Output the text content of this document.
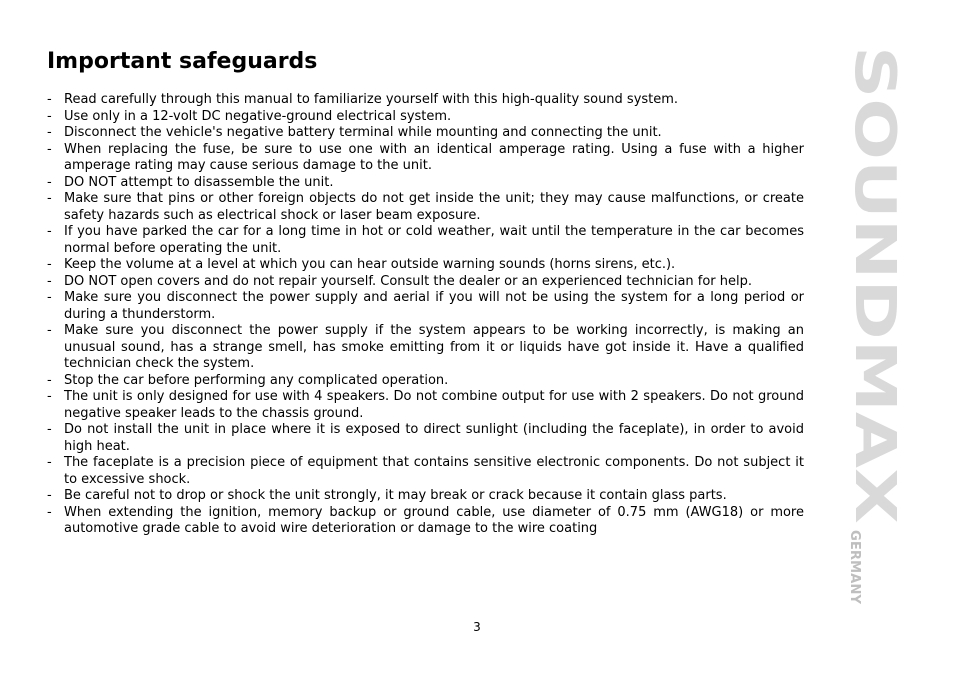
Important safeguards
- Read carefully through this manual to familiarize yourself with this high-quality sound system.
- Use only in a 12-volt DC negative-ground electrical system.
- Disconnect the vehicle's negative battery terminal while mounting and connecting the unit.
- When replacing the fuse, be sure to use one with an identical amperage rating. Using a fuse with a higher amperage rating may cause serious damage to the unit.
- DO NOT attempt to disassemble the unit.
- Make sure that pins or other foreign objects do not get inside the unit; they may cause malfunctions, or create safety hazards such as electrical shock or laser beam exposure.
- If you have parked the car for a long time in hot or cold weather, wait until the temperature in the car becomes normal before operating the unit.
- Keep the volume at a level at which you can hear outside warning sounds (horns sirens, etc.).
- DO NOT open covers and do not repair yourself. Consult the dealer or an experienced technician for help.
- Make sure you disconnect the power supply and aerial if you will not be using the system for a long period or during a thunderstorm.
- Make sure you disconnect the power supply if the system appears to be working incorrectly, is making an unusual sound, has a strange smell, has smoke emitting from it or liquids have got inside it. Have a qualified technician check the system.
- Stop the car before performing any complicated operation.
- The unit is only designed for use with 4 speakers. Do not combine output for use with 2 speakers. Do not ground negative speaker leads to the chassis ground.
- Do not install the unit in place where it is exposed to direct sunlight (including the faceplate), in order to avoid high heat.
- The faceplate is a precision piece of equipment that contains sensitive electronic components. Do not subject it to excessive shock.
- Be careful not to drop or shock the unit strongly, it may break or crack because it contain glass parts.
- When extending the ignition, memory backup or ground cable, use diameter of 0.75 mm (AWG18) or more automotive grade cable to avoid wire deterioration or damage to the wire coating
SOUNDMAX
GERMANY
3
